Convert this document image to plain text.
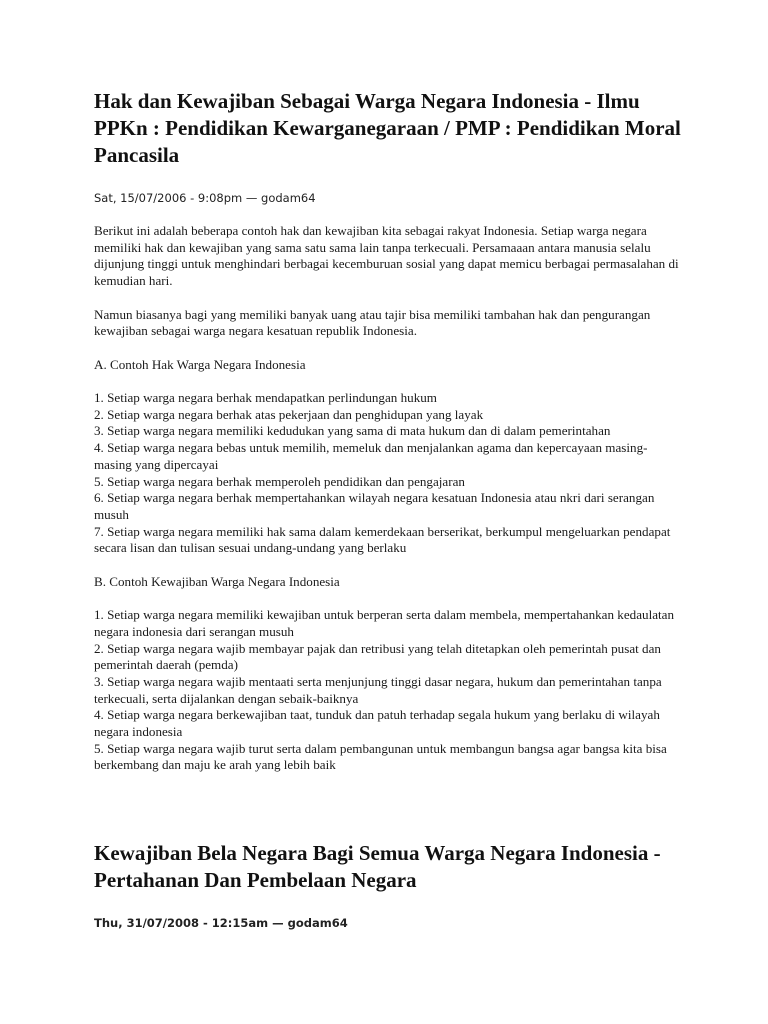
Hak dan Kewajiban Sebagai Warga Negara Indonesia - Ilmu PPKn : Pendidikan Kewarganegaraan / PMP : Pendidikan Moral Pancasila

Sat, 15/07/2006 - 9:08pm — godam64

Berikut ini adalah beberapa contoh hak dan kewajiban kita sebagai rakyat Indonesia. Setiap warga negara memiliki hak dan kewajiban yang sama satu sama lain tanpa terkecuali. Persamaaan antara manusia selalu dijunjung tinggi untuk menghindari berbagai kecemburuan sosial yang dapat memicu berbagai permasalahan di kemudian hari.

Namun biasanya bagi yang memiliki banyak uang atau tajir bisa memiliki tambahan hak dan pengurangan kewajiban sebagai warga negara kesatuan republik Indonesia.

A. Contoh Hak Warga Negara Indonesia

1. Setiap warga negara berhak mendapatkan perlindungan hukum

2. Setiap warga negara berhak atas pekerjaan dan penghidupan yang layak

3. Setiap warga negara memiliki kedudukan yang sama di mata hukum dan di dalam pemerintahan

4. Setiap warga negara bebas untuk memilih, memeluk dan menjalankan agama dan kepercayaan masing-masing yang dipercayai

5. Setiap warga negara berhak memperoleh pendidikan dan pengajaran

6. Setiap warga negara berhak mempertahankan wilayah negara kesatuan Indonesia atau nkri dari serangan musuh

7. Setiap warga negara memiliki hak sama dalam kemerdekaan berserikat, berkumpul mengeluarkan pendapat secara lisan dan tulisan sesuai undang-undang yang berlaku

B. Contoh Kewajiban Warga Negara Indonesia

1. Setiap warga negara memiliki kewajiban untuk berperan serta dalam membela, mempertahankan kedaulatan negara indonesia dari serangan musuh

2. Setiap warga negara wajib membayar pajak dan retribusi yang telah ditetapkan oleh pemerintah pusat dan pemerintah daerah (pemda)

3. Setiap warga negara wajib mentaati serta menjunjung tinggi dasar negara, hukum dan pemerintahan tanpa terkecuali, serta dijalankan dengan sebaik-baiknya

4. Setiap warga negara berkewajiban taat, tunduk dan patuh terhadap segala hukum yang berlaku di wilayah negara indonesia

5. Setiap warga negara wajib turut serta dalam pembangunan untuk membangun bangsa agar bangsa kita bisa berkembang dan maju ke arah yang lebih baik

Kewajiban Bela Negara Bagi Semua Warga Negara Indonesia - Pertahanan Dan Pembelaan Negara

Thu, 31/07/2008 - 12:15am — godam64
